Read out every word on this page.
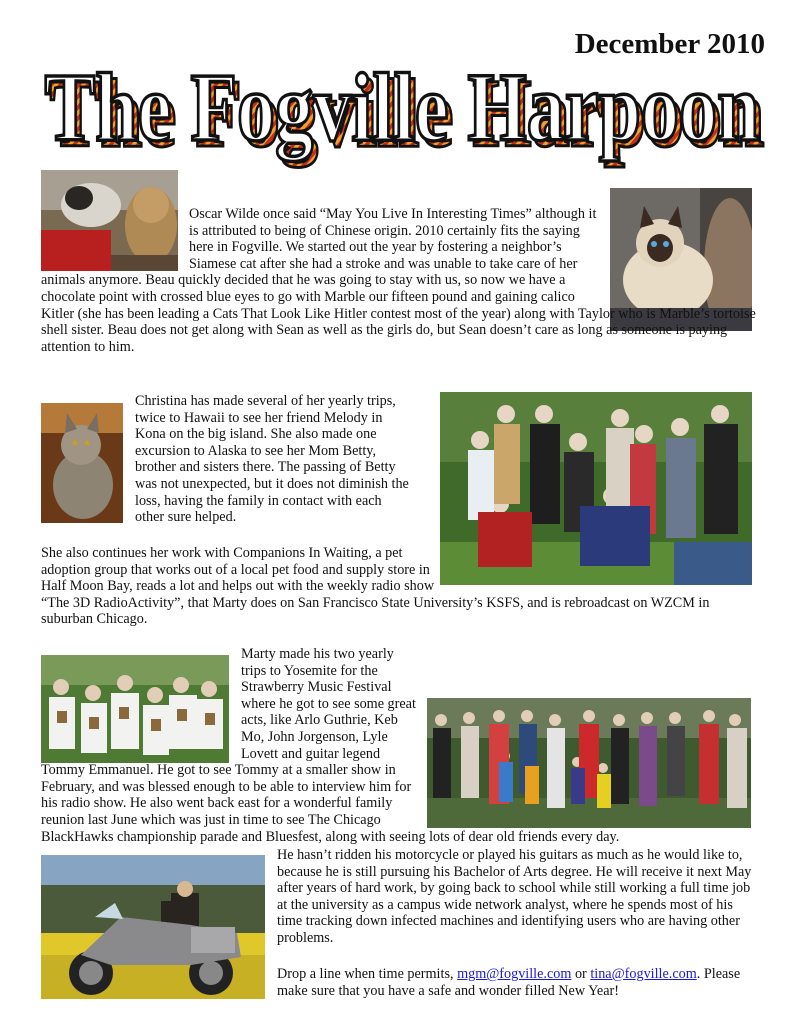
December 2010
The Fogville Harpoon
The Fogville Harpoon
Oscar Wilde once said “May You Live In Interesting Times” although it is attributed to being of Chinese origin. 2010 certainly fits the saying here in Fogville. We started out the year by fostering a neighbor’s Siamese cat after she had a stroke and was unable to take care of her animals anymore. Beau quickly decided that he was going to stay with us, so now we have a chocolate point with crossed blue eyes to go with Marble our fifteen pound and gaining calico Kitler (she has been leading a Cats That Look Like Hitler contest most of the year) along with Taylor who is Marble’s tortoise shell sister. Beau does not get along with Sean as well as the girls do, but Sean doesn’t care as long as someone is paying attention to him.
Christina has made several of her yearly trips, twice to Hawaii to see her friend Melody in Kona on the big island. She also made one excursion to Alaska to see her Mom Betty, brother and sisters there. The passing of Betty was not unexpected, but it does not diminish the loss, having the family in contact with each other sure helped.
She also continues her work with Companions In Waiting, a pet adoption group that works out of a local pet food and supply store in Half Moon Bay, reads a lot and helps out with the weekly radio show “The 3D RadioActivity”, that Marty does on San Francisco State University’s KSFS, and is rebroadcast on WZCM in suburban Chicago.
Marty made his two yearly trips to Yosemite for the Strawberry Music Festival where he got to see some great acts, like Arlo Guthrie, Keb Mo, John Jorgenson, Lyle Lovett and guitar legend Tommy Emmanuel. He got to see Tommy at a smaller show in February, and was blessed enough to be able to interview him for his radio show. He also went back east for a wonderful family reunion last June which was just in time to see The Chicago BlackHawks championship parade and Bluesfest, along with seeing lots of dear old friends every day.
He hasn’t ridden his motorcycle or played his guitars as much as he would like to, because he is still pursuing his Bachelor of Arts degree. He will receive it next May after years of hard work, by going back to school while still working a full time job at the university as a campus wide network analyst, where he spends most of his time tracking down infected machines and identifying users who are having other problems.
Drop a line when time permits, mgm@fogville.com or tina@fogville.com. Please make sure that you have a safe and wonder filled New Year!
